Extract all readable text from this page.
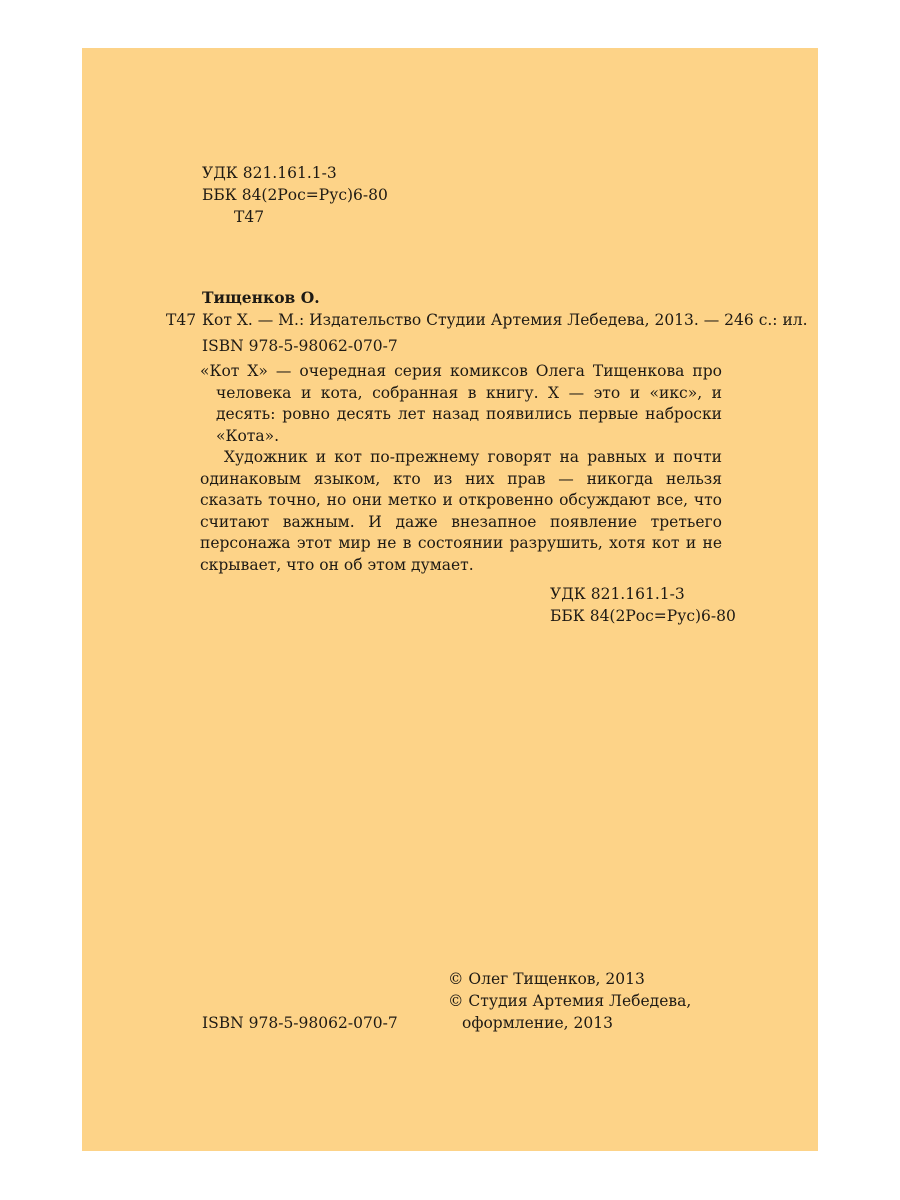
УДК 821.161.1-3
ББК 84(2Рос=Рус)6-80
Т47
Тищенков О.
Т47 Кот Х. — М.: Издательство Студии Артемия Лебедева, 2013. — 246 с.: ил.
ISBN 978-5-98062-070-7

«Кот Х» — очередная серия комиксов Олега Тищенкова про человека и кота, собранная в книгу. Х — это и «икс», и десять: ровно десять лет назад появились первые наброски «Кота».

Художник и кот по-прежнему говорят на равных и почти одинаковым языком, кто из них прав — никогда нельзя сказать точно, но они метко и откровенно обсуждают все, что считают важным. И даже внезапное появление третьего персонажа этот мир не в состоянии разрушить, хотя кот и не скрывает, что он об этом думает.

УДК 821.161.1-3
ББК 84(2Рос=Рус)6-80
© Олег Тищенков, 2013
© Студия Артемия Лебедева,
оформление, 2013
ISBN 978-5-98062-070-7
